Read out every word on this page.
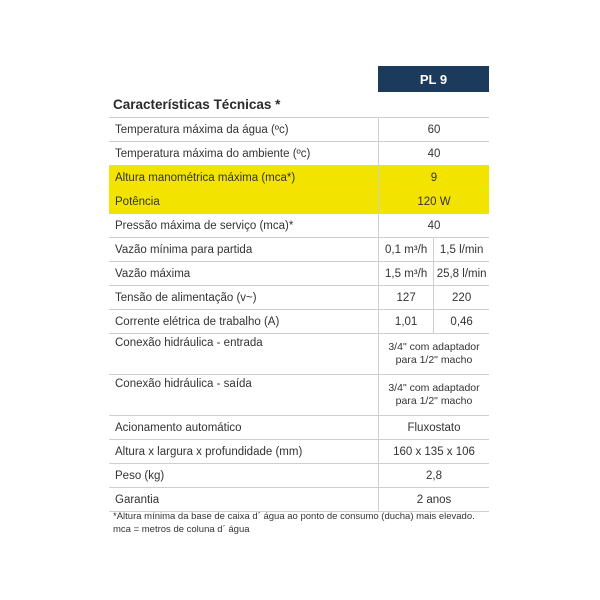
PL 9
Características Técnicas *
Temperatura máxima da água (ºc)	60	
Temperatura máxima do ambiente (ºc)	40	
Altura manométrica máxima (mca*)	9	
Potência	120 W	
Pressão máxima de serviço (mca)*	40	
Vazão mínima para partida	0,1 m³/h	1,5 l/min
Vazão máxima	1,5 m³/h	25,8 l/min
Tensão de alimentação (v~)	127	220
Corrente elétrica de trabalho (A)	1,01	0,46
Conexão hidráulica - entrada	3/4" com adaptador
para 1/2" macho	

Conexão hidráulica - saída	3/4" com adaptador
para 1/2" macho	

Acionamento automático	Fluxostato	
Altura x largura x profundidade (mm)	160 x 135 x 106	
Peso (kg)	2,8	
Garantia	2 anos	
*Altura mínima da base de caixa d´ água ao ponto de consumo (ducha) mais elevado.
mca = metros de coluna d´ água
